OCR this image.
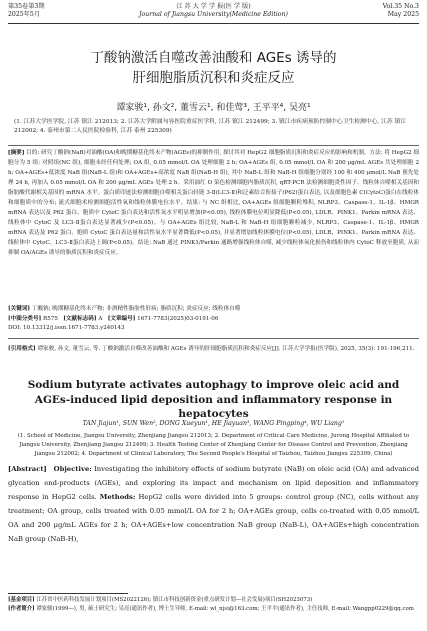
第35卷第3期
2025年5月
江 苏 大 学 学 报(医 学 版)
Journal of Jiangsu University(Medicine Edition)
Vol.35 No.3
May 2025
丁酸钠激活自噬改善油酸和 AGEs 诱导的
肝细胞脂质沉积和炎症反应
谭家骏¹, 孙文², 董雪云¹, 和佳莺³, 王平平⁴, 吴亮¹
(1. 江苏大学医学院, 江苏 镇江 212013; 2. 江苏大学附属句容医院重症医学科, 江苏 镇江 212499; 3. 镇江市疾病预防控制中心卫生检测中心, 江苏 镇江 212002; 4. 泰州市第二人民医院检验科, 江苏 泰州 225309)
[摘要] 目的: 研究丁酸钠(NaB)对油酸(OA)和晚期糖基化终末产物(AGEs)的抑制作用, 探讨其对 HepG2 细胞脂质沉积和炎症反应的影响和机制。方法: 将 HepG2 细胞分为 5 组: 对照组(NC 组), 细胞未经任何处理; OA 组, 0.05 mmol/L OA 处理细胞 2 h; OA+AGEs 组, 0.05 mmol/L OA 和 200 μg/mL AGEs 共处理细胞 2 h; OA+AGEs+低浓度 NaB 组(NaB-L 组)和 OA+AGEs+高浓度 NaB 组(NaB-H 组), 其中 NaB-L 组和 NaB-H 组细胞分别经 100 和 400 μmol/L NaB 预先处理 24 h, 再加入 0.05 mmol/L OA 和 200 μg/mL AGEs 处理 2 h。采用油红 O 染色检测细胞内脂质沉积, qRT-PCR 法检测细胞炎性因子、线粒体自噬相关基因和脂肪酸代谢相关基因的 mRNA 水平。蛋白质印迹法检测细胞自噬相关蛋白轻链 3-Ⅱ(LC3-Ⅱ)和泛素结合衔接子(P62)蛋白表达, 以及细胞色素 C(CytoC)蛋白在线粒体和细胞质中的分布; 流式细胞术检测细胞活性氧和线粒体膜电位水平。结果: 与 NC 组相比, OA+AGEs 组细胞颗粒堆积, NLRP3、Caspase-1、IL-1β、HMGR mRNA 表达以及 P62 蛋白、胞质中 CytoC 蛋白表达和活性氧水平明显增加(P<0.05), 线粒体膜电位明显降低(P<0.05), LDLR、PINK1、Parkin mRNA 表达、线粒体中 CytoC 及 LC3-Ⅱ蛋白表达显著减少(P<0.05)。与 OA+AGEs 组比较, NaB-L 和 NaB-H 组细胞颗粒减少, NLRP3、Caspase-1、IL-1β、HMGR mRNA 表达及 P62 蛋白、胞质 CytoC 蛋白表达量和活性氧水平显著降低(P<0.05), 并显著增加线粒体膜电位(P<0.05), LDLR、PINK1、Parkin mRNA 表达、线粒体中 CytoC、LC3-Ⅱ蛋白表达上调(P<0.05)。结论: NaB 通过 PINK1/Parkin 通路增强线粒体自噬, 减少线粒体氧化损伤和线粒体内 CytoC 释放至胞质, 从而抑制 OA/AGEs 诱导的脂质沉积和炎症反应。
[关键词] 丁酸钠; 晚期糖基化终末产物; 非酒精性脂肪性肝病; 脂质沉积; 炎症反应; 线粒体自噬
[中图分类号] R575 [文献标志码] A [文章编号] 1671-7783(2025)03-0191-06
DOI: 10.13312/j.issn.1671-7783.y240143
[引用格式] 谭家骏, 孙文, 董雪云, 等. 丁酸钠激活自噬改善油酸和 AGEs 诱导的肝细胞脂质沉积和炎症反应[J]. 江苏大学学报(医学版), 2025, 35(3): 191-196,211.
Sodium butyrate activates autophagy to improve oleic acid and AGEs-induced lipid deposition and inflammatory response in hepatocytes
TAN Jiajun¹, SUN Wen², DONG Xueyun¹, HE Jiayuan³, WANG Pingping⁴, WU Liang¹
(1. School of Medicine, Jiangsu University, Zhenjiang Jiangsu 212013; 2. Department of Critical Care Medicine, Jurong Hospital Affiliated to Jiangsu University, Zhenjiang Jiangsu 212499; 3. Health Testing Center of Zhenjiang Center for Disease Control and Prevention, Zhenjiang Jiangsu 212002; 4. Department of Clinical Laboratory, The Second People's Hospital of Taizhou, Taizhou Jiangsu 225309, China)
[Abstract] Objective: Investigating the inhibitory effects of sodium butyrate (NaB) on oleic acid (OA) and advanced glycation end-products (AGEs), and exploring its impact and mechanism on lipid deposition and inflammatory response in HepG2 cells. Methods: HepG2 cells were divided into 5 groups: control group (NC), cells without any treatment; OA group, cells treated with 0.05 mmol/L OA for 2 h; OA+AGEs group, cells co-treated with 0.05 mmol/L OA and 200 μg/mL AGEs for 2 h; OA+AGEs+low concentration NaB group (NaB-L), OA+AGEs+high concentration NaB group (NaB-H),
[基金项目] 江苏省中医药科技发展计划项目(MS2022126); 镇江市科技创新资金(重点研发计划—社会发展)项目(SH2023073)
[作者简介] 谭家骏(1999—), 男, 硕士研究生; 吴亮(通讯作者), 博士生导师, E-mail: wl_njsi@163.com; 王平平(通讯作者), 主任技师, E-mail: Wangpp0229@qq.com
